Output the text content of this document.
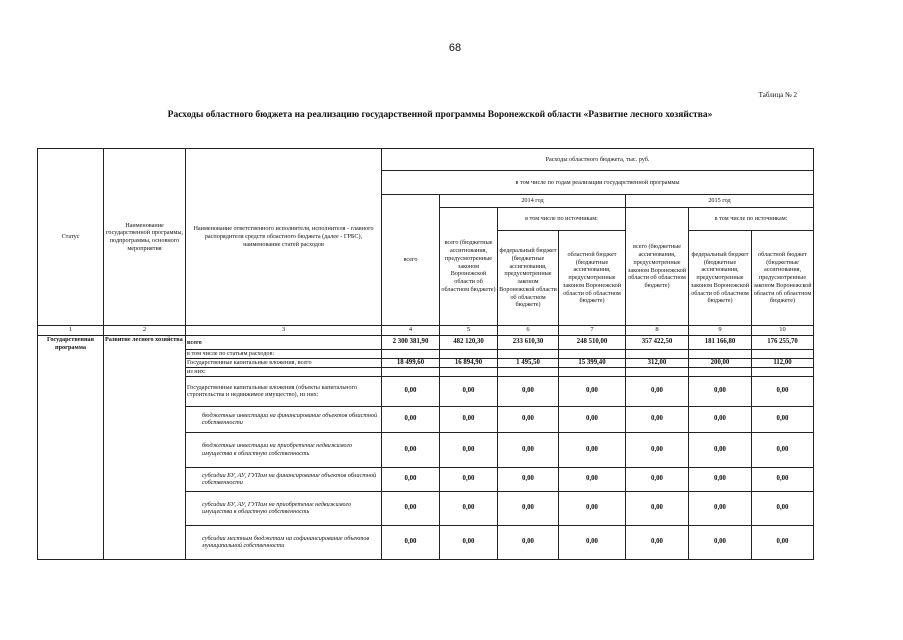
68
Таблица № 2
Расходы областного бюджета на реализацию государственной программы Воронежской области «Развитие лесного хозяйства»
Статус	Наименование государственной программы, подпрограммы, основного мероприятия	Наименование ответственного исполнителя, исполнителя - главного распорядителя средств областного бюджета (далее - ГРБС), наименование статей расходов	Расходы областного бюджета, тыс. руб.						
			в том числе по годам реализации государственной программы						
			всего	2014 год			2015 год		
				всего (бюджетные ассигнования, предусмотренные законом Воронежской области об областном бюджете)	в том числе по источникам:		всего (бюджетные ассигнования, предусмотренные законом Воронежской области об областном бюджете)	в том числе по источникам:	
					федеральный бюджет (бюджетные ассигнования, предусмотренные законом Воронежской области об областном бюджете)	областной бюджет (бюджетные ассигнования, предусмотренные законом Воронежской области об областном бюджете)		федеральный бюджет (бюджетные ассигнования, предусмотренные законом Воронежской области об областном бюджете)	областной бюджет (бюджетные ассигнования, предусмотренные законом Воронежской области об областном бюджете)

1	2	3	4	5	6	7	8	9	10
Государственная программа	Развитие лесного хозяйства	всего	2 300 381,90	482 120,30	233 610,30	248 510,00	357 422,50	181 166,80	176 255,70
		в том числе по статьям расходов:							
		Государственные капитальные вложения, всего	18 499,60	16 894,90	1 495,50	15 399,40	312,00	200,00	112,00
		из них:							
		Государственные капитальные вложения (объекты капитального строительства и недвижимое имущество), из них:	0,00	0,00	0,00	0,00	0,00	0,00	0,00
		бюджетные инвестиции на финансирование объектов областной собственности	0,00	0,00	0,00	0,00	0,00	0,00	0,00
		бюджетные инвестиции на приобретение недвижимого имущества в областную собственность	0,00	0,00	0,00	0,00	0,00	0,00	0,00
		субсидии БУ, АУ, ГУПам на финансирование объектов областной собственности	0,00	0,00	0,00	0,00	0,00	0,00	0,00
		субсидии БУ, АУ, ГУПам на приобретение недвижимого имущества в областную собственность	0,00	0,00	0,00	0,00	0,00	0,00	0,00
		субсидии местным бюджетам на софинансирование объектов муниципальной собственности	0,00	0,00	0,00	0,00	0,00	0,00	0,00
